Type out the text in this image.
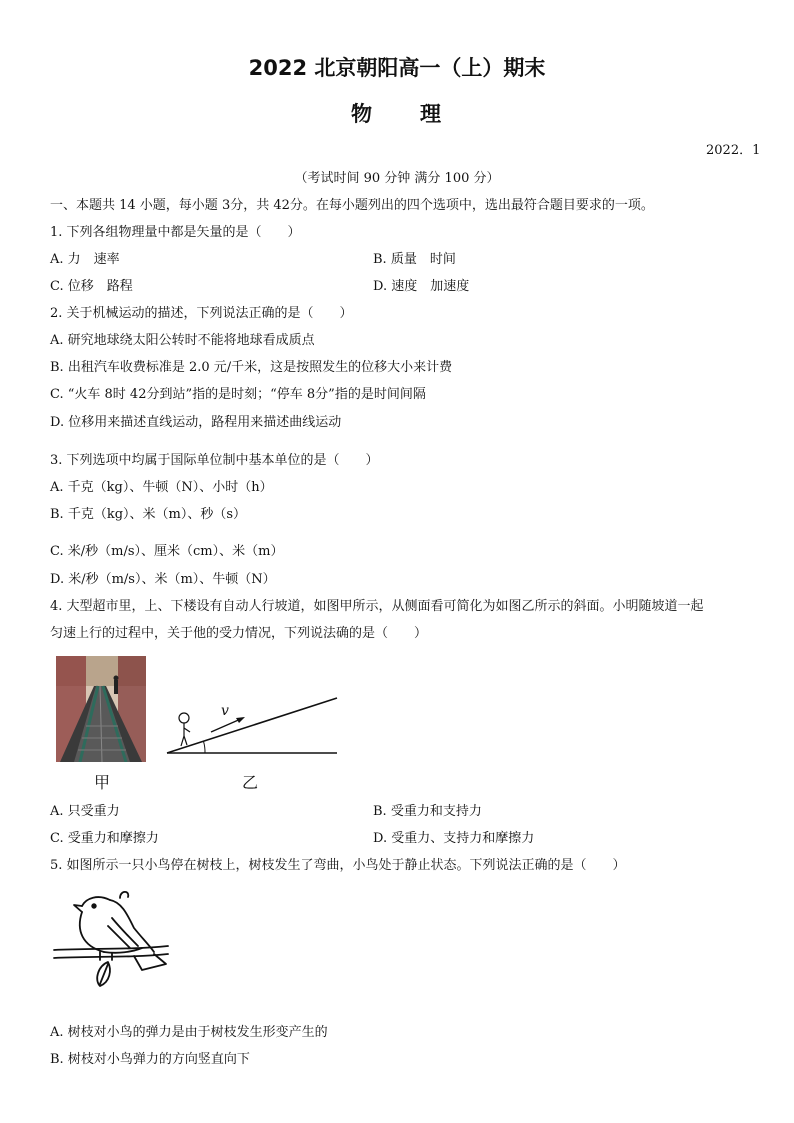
2022 北京朝阳高一（上）期末
物　　理
2022．1
（考试时间 90 分钟 满分 100 分）
一、本题共 14 小题，每小题 3分，共 42分。在每小题列出的四个选项中，选出最符合题目要求的一项。
1. 下列各组物理量中都是矢量的是（　　）
A. 力　速率	B. 质量　时间
C. 位移　路程	D. 速度　加速度
2. 关于机械运动的描述，下列说法正确的是（　　）
A. 研究地球绕太阳公转时不能将地球看成质点
B. 出租汽车收费标准是 2.0 元/千米，这是按照发生的位移大小来计费
C. “火车 8时 42分到站”指的是时刻；“停车 8分”指的是时间间隔
D. 位移用来描述直线运动，路程用来描述曲线运动
3. 下列选项中均属于国际单位制中基本单位的是（　　）
A. 千克（kg）、牛顿（N）、小时（h）
B. 千克（kg）、米（m）、秒（s）
C. 米/秒（m/s）、厘米（cm）、米（m）
D. 米/秒（m/s）、米（m）、牛顿（N）
4. 大型超市里，上、下楼设有自动人行坡道，如图甲所示，从侧面看可简化为如图乙所示的斜面。小明随坡道一起
匀速上行的过程中，关于他的受力情况，下列说法确的是（　　）
甲
v
乙
A. 只受重力	B. 受重力和支持力
C. 受重力和摩擦力	D. 受重力、支持力和摩擦力
5. 如图所示一只小鸟停在树枝上，树枝发生了弯曲，小鸟处于静止状态。下列说法正确的是（　　）
A. 树枝对小鸟的弹力是由于树枝发生形变产生的
B. 树枝对小鸟弹力的方向竖直向下
